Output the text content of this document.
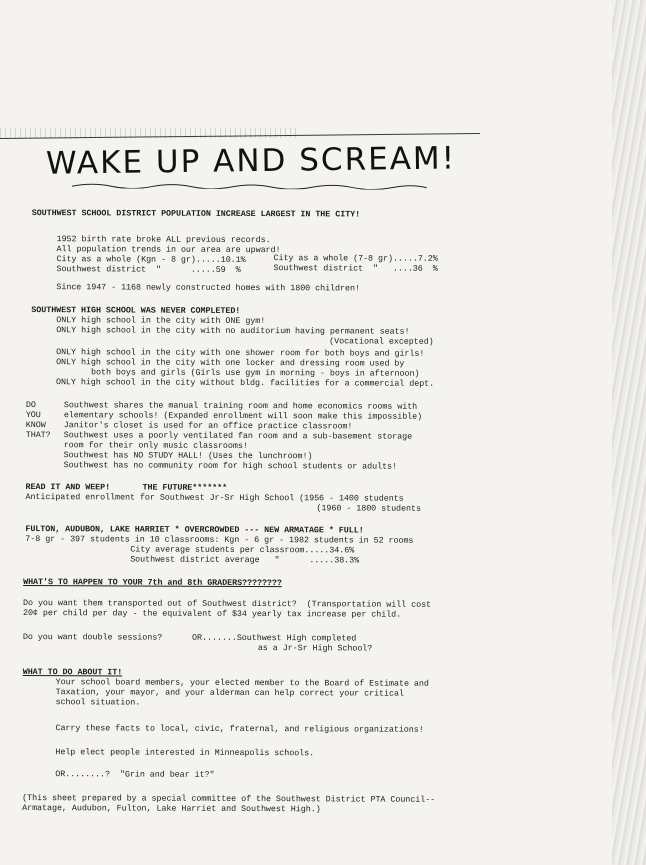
WAKE UP AND SCREAM!
SOUTHWEST SCHOOL DISTRICT POPULATION INCREASE LARGEST IN THE CITY!
1952 birth rate broke ALL previous records.
All population trends in our area are upward!
City as a whole (Kgn - 8 gr).....10.1%	City as a whole (7-8 gr).....7.2%
Southwest district  "      .....59  %	Southwest district  "   ....36  %
Since 1947 - 1168 newly constructed homes with 1800 children!
SOUTHWEST HIGH SCHOOL WAS NEVER COMPLETED!
ONLY high school in the city with ONE gym!
ONLY high school in the city with no auditorium having permanent seats!
(Vocational excepted)
ONLY high school in the city with one shower room for both boys and girls!
ONLY high school in the city with one locker and dressing room used by
both boys and girls (Girls use gym in morning - boys in afternoon)
ONLY high school in the city without bldg. facilities for a commercial dept.
DO
YOU
KNOW
THAT?
Southwest shares the manual training room and home economics rooms with
elementary schools! (Expanded enrollment will soon make this impossible)
Janitor's closet is used for an office practice classroom!
Southwest uses a poorly ventilated fan room and a sub-basement storage
room for their only music classrooms!
Southwest has NO STUDY HALL! (Uses the lunchroom!)
Southwest has no community room for high school students or adults!
READ IT AND WEEP!	THE FUTURE*******
Anticipated enrollment for Southwest Jr-Sr High School (1956 - 1400 students
(1960 - 1800 students
FULTON, AUDUBON, LAKE HARRIET * OVERCROWDED --- NEW ARMATAGE * FULL!
7-8 gr - 397 students in 10 classrooms: Kgn - 6 gr - 1982 students in 52 rooms
City average students per classroom.....34.6%
Southwest district average   "      .....38.3%
WHAT'S TO HAPPEN TO YOUR 7th and 8th GRADERS????????
Do you want them transported out of Southwest district?  (Transportation will cost
20¢ per child per day - the equivalent of $34 yearly tax increase per child.
Do you want double sessions?      OR.......Southwest High completed
as a Jr-Sr High School?
WHAT TO DO ABOUT IT!
Your school board members, your elected member to the Board of Estimate and
Taxation, your mayor, and your alderman can help correct your critical
school situation.
Carry these facts to local, civic, fraternal, and religious organizations!
Help elect people interested in Minneapolis schools.
OR........?  "Grin and bear it?"
(This sheet prepared by a special committee of the Southwest District PTA Council--
Armatage, Audubon, Fulton, Lake Harriet and Southwest High.)
